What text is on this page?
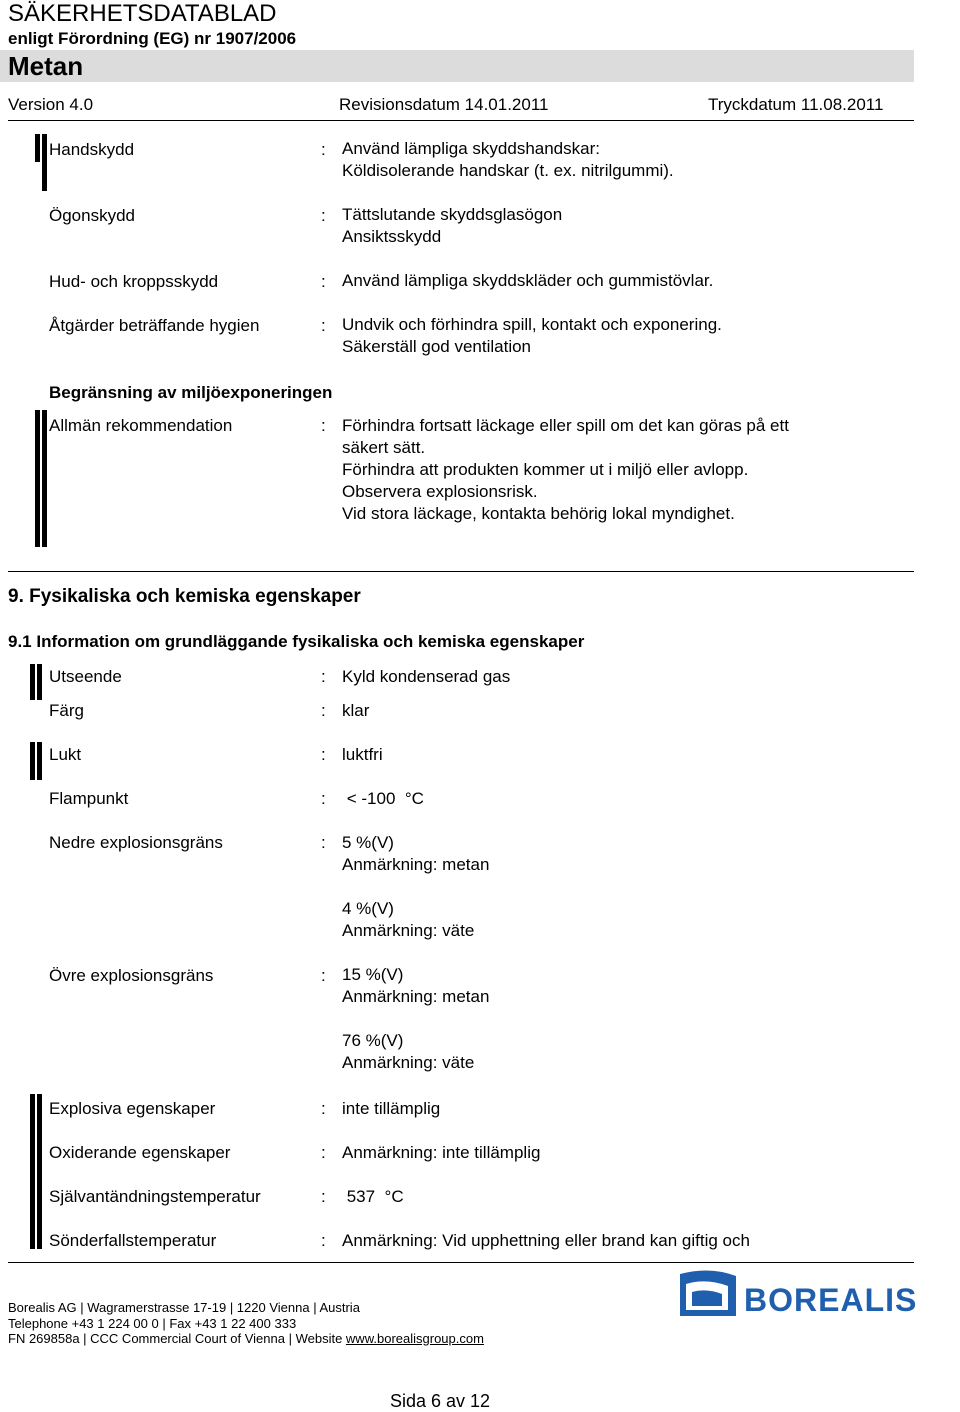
SÄKERHETSDATABLAD
enligt Förordning (EG) nr 1907/2006
Metan
Version 4.0	Revisionsdatum 14.01.2011	Tryckdatum 11.08.2011
Handskydd	: Använd lämpliga skyddshandskar:
Köldisolerande handskar (t. ex. nitrilgummi).
Ögonskydd	: Tättslutande skyddsglasögon
Ansiktsskydd
Hud- och kroppsskydd	: Använd lämpliga skyddskläder och gummistövlar.
Åtgärder beträffande hygien	: Undvik och förhindra spill, kontakt och exponering.
Säkerställ god ventilation
Begränsning av miljöexponeringen
Allmän rekommendation	: Förhindra fortsatt läckage eller spill om det kan göras på ett
säkert sätt.
Förhindra att produkten kommer ut i miljö eller avlopp.
Observera explosionsrisk.
Vid stora läckage, kontakta behörig lokal myndighet.
9. Fysikaliska och kemiska egenskaper
9.1 Information om grundläggande fysikaliska och kemiska egenskaper
Utseende	: Kyld kondenserad gas
Färg	: klar
Lukt	: luktfri
Flampunkt	: < -100  °C
Nedre explosionsgräns	: 5 %(V)
Anmärkning: metan
4 %(V)
Anmärkning: väte
Övre explosionsgräns	: 15 %(V)
Anmärkning: metan
76 %(V)
Anmärkning: väte
Explosiva egenskaper	: inte tillämplig
Oxiderande egenskaper	: Anmärkning: inte tillämplig
Självantändningstemperatur	: 537  °C
Sönderfallstemperatur	: Anmärkning: Vid upphettning eller brand kan giftig och
Borealis AG | Wagramerstrasse 17-19 | 1220 Vienna | Austria
Telephone +43 1 224 00 0 | Fax +43 1 22 400 333
FN 269858a | CCC Commercial Court of Vienna | Website www.borealisgroup.com
BOREALIS
Sida 6 av 12
